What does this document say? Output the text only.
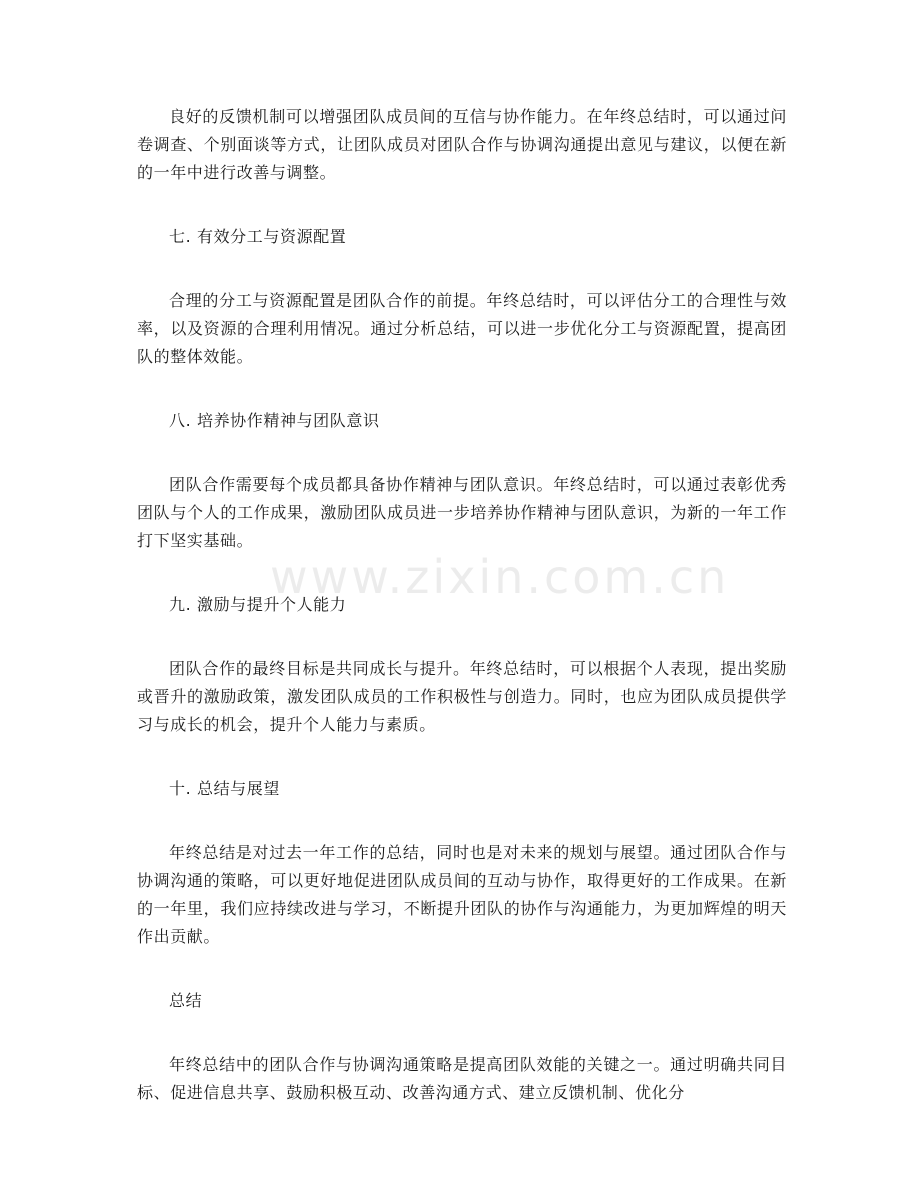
良好的反馈机制可以增强团队成员间的互信与协作能力。在年终总结时，可以通过问卷调查、个别面谈等方式，让团队成员对团队合作与协调沟通提出意见与建议，以便在新的一年中进行改善与调整。

七. 有效分工与资源配置

合理的分工与资源配置是团队合作的前提。年终总结时，可以评估分工的合理性与效率，以及资源的合理利用情况。通过分析总结，可以进一步优化分工与资源配置，提高团队的整体效能。

八. 培养协作精神与团队意识

团队合作需要每个成员都具备协作精神与团队意识。年终总结时，可以通过表彰优秀团队与个人的工作成果，激励团队成员进一步培养协作精神与团队意识，为新的一年工作打下坚实基础。

九. 激励与提升个人能力

团队合作的最终目标是共同成长与提升。年终总结时，可以根据个人表现，提出奖励或晋升的激励政策，激发团队成员的工作积极性与创造力。同时，也应为团队成员提供学习与成长的机会，提升个人能力与素质。

十. 总结与展望

年终总结是对过去一年工作的总结，同时也是对未来的规划与展望。通过团队合作与协调沟通的策略，可以更好地促进团队成员间的互动与协作，取得更好的工作成果。在新的一年里，我们应持续改进与学习，不断提升团队的协作与沟通能力，为更加辉煌的明天作出贡献。

总结

年终总结中的团队合作与协调沟通策略是提高团队效能的关键之一。通过明确共同目标、促进信息共享、鼓励积极互动、改善沟通方式、建立反馈机制、优化分

www.zixin.com.cn
